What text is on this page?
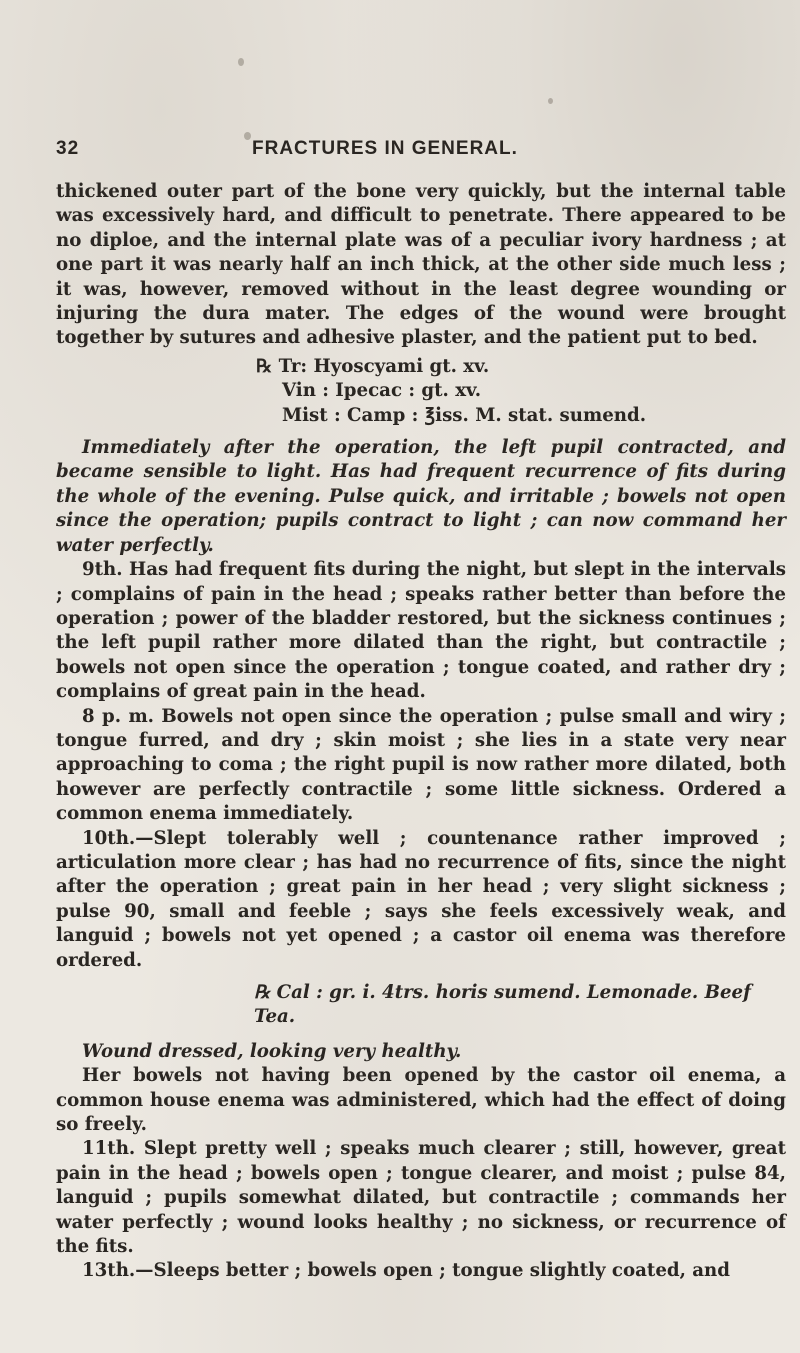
32	FRACTURES IN GENERAL.

thickened outer part of the bone very quickly, but the internal table was excessively hard, and difficult to penetrate. There appeared to be no diploe, and the internal plate was of a peculiar ivory hardness ; at one part it was nearly half an inch thick, at the other side much less ; it was, however, removed without in the least degree wounding or injuring the dura mater. The edges of the wound were brought together by sutures and adhesive plaster, and the patient put to bed.

℞ Tr: Hyoscyami gt. xv.
Vin : Ipecac : gt. xv.
Mist : Camp : ℥iss. M. stat. sumend.

Immediately after the operation, the left pupil contracted, and became sensible to light. Has had frequent recurrence of fits during the whole of the evening. Pulse quick, and irritable ; bowels not open since the operation; pupils contract to light ; can now command her water perfectly.

9th. Has had frequent fits during the night, but slept in the intervals ; complains of pain in the head ; speaks rather better than before the operation ; power of the bladder restored, but the sickness continues ; the left pupil rather more dilated than the right, but contractile ; bowels not open since the operation ; tongue coated, and rather dry ; complains of great pain in the head.

8 p. m. Bowels not open since the operation ; pulse small and wiry ; tongue furred, and dry ; skin moist ; she lies in a state very near approaching to coma ; the right pupil is now rather more dilated, both however are perfectly contractile ; some little sickness. Ordered a common enema immediately.

10th.—Slept tolerably well ; countenance rather improved ; articulation more clear ; has had no recurrence of fits, since the night after the operation ; great pain in her head ; very slight sickness ; pulse 90, small and feeble ; says she feels excessively weak, and languid ; bowels not yet opened ; a castor oil enema was therefore ordered.

℞ Cal : gr. i. 4trs. horis sumend. Lemonade. Beef Tea.

Wound dressed, looking very healthy.

Her bowels not having been opened by the castor oil enema, a common house enema was administered, which had the effect of doing so freely.

11th. Slept pretty well ; speaks much clearer ; still, however, great pain in the head ; bowels open ; tongue clearer, and moist ; pulse 84, languid ; pupils somewhat dilated, but contractile ; commands her water perfectly ; wound looks healthy ; no sickness, or recurrence of the fits.

13th.—Sleeps better ; bowels open ; tongue slightly coated, and
